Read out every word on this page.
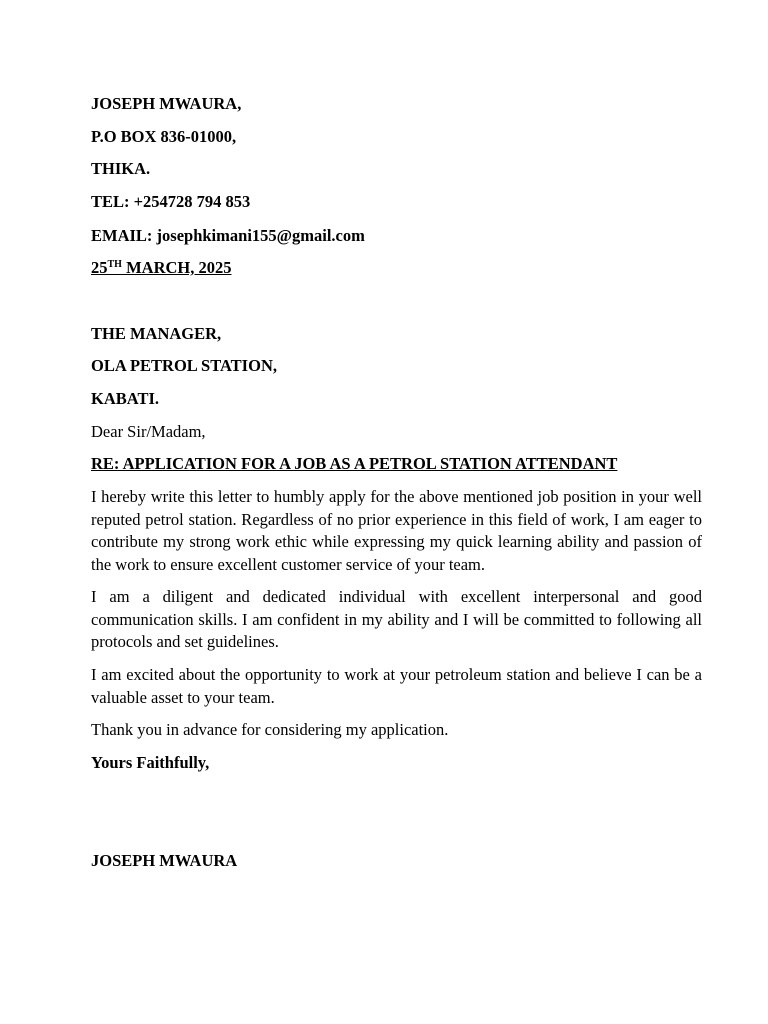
JOSEPH MWAURA,
P.O BOX 836-01000,
THIKA.
TEL: +254728 794 853
EMAIL: josephkimani155@gmail.com
25TH MARCH, 2025
THE MANAGER,
OLA PETROL STATION,
KABATI.
Dear Sir/Madam,
RE: APPLICATION FOR A JOB AS A PETROL STATION ATTENDANT
I hereby write this letter to humbly apply for the above mentioned job position in your well reputed petrol station. Regardless of no prior experience in this field of work, I am eager to contribute my strong work ethic while expressing my quick learning ability and passion of the work to ensure excellent customer service of your team.
I am a diligent and dedicated individual with excellent interpersonal and good communication skills. I am confident in my ability and I will be committed to following all protocols and set guidelines.
I am excited about the opportunity to work at your petroleum station and believe I can be a valuable asset to your team.
Thank you in advance for considering my application.
Yours Faithfully,
JOSEPH MWAURA
